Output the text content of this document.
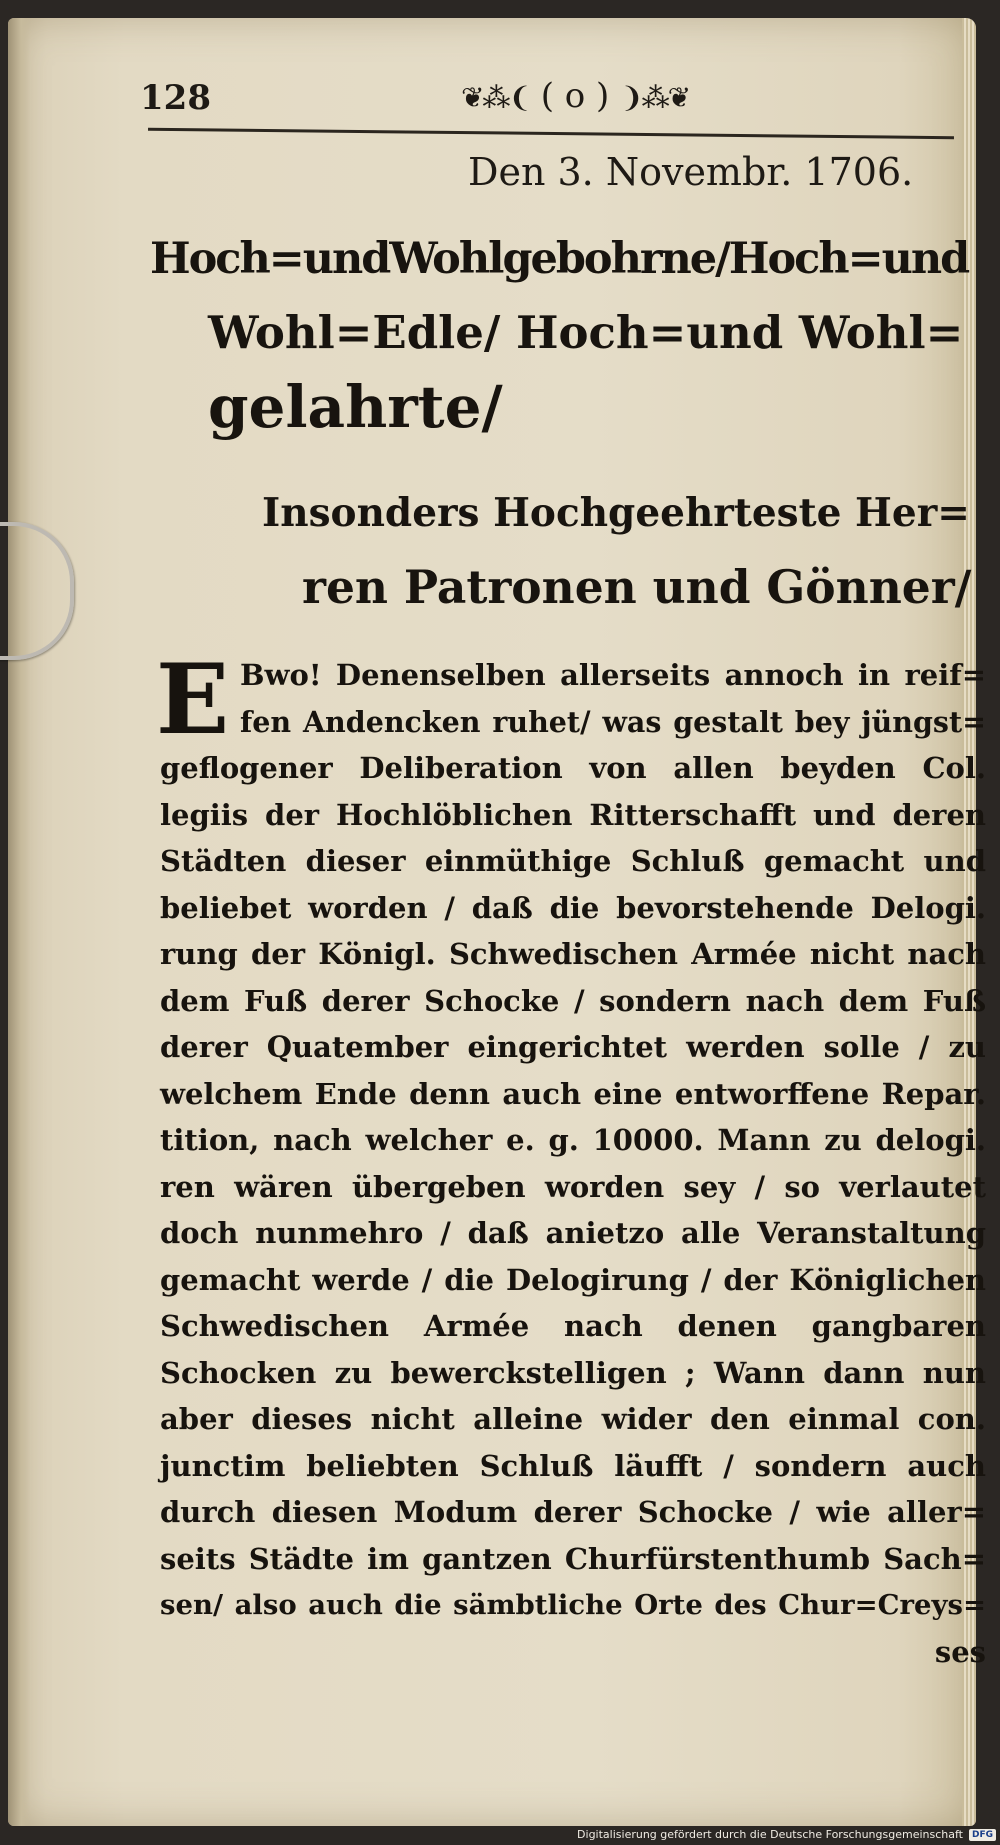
128	❦⁂❨ ( o ) ❩⁂❦
Den 3. Novembr. 1706.
Hoch=undWohlgebohrne/Hoch=und
Wohl=Edle/ Hoch=und Wohl=
gelahrte/
Insonders Hochgeehrteste Her=
ren Patronen und Gönner/
E Bwo! Denenselben allerseits annoch in reif=
fen Andencken ruhet/ was gestalt bey jüngst=
geflogener Deliberation von allen beyden Col.
legiis der Hochlöblichen Ritterschafft und deren
Städten dieser einmüthige Schluß gemacht und
beliebet worden / daß die bevorstehende Delogi.
rung der Königl. Schwedischen Armée nicht nach
dem Fuß derer Schocke / sondern nach dem Fuß
derer Quatember eingerichtet werden solle / zu
welchem Ende denn auch eine entworffene Repar.
tition, nach welcher e. g. 10000. Mann zu delogi.
ren wären übergeben worden sey / so verlautet
doch nunmehro / daß anietzo alle Veranstaltung
gemacht werde / die Delogirung / der Königlichen
Schwedischen Armée nach denen gangbaren
Schocken zu bewerckstelligen ; Wann dann nun
aber dieses nicht alleine wider den einmal con.
junctim beliebten Schluß läufft / sondern auch
durch diesen Modum derer Schocke / wie aller=
seits Städte im gantzen Churfürstenthumb Sach=
sen/ also auch die sämbtliche Orte des Chur=Creys=
ses
Digitalisierung gefördert durch die Deutsche Forschungsgemeinschaft	DFG
